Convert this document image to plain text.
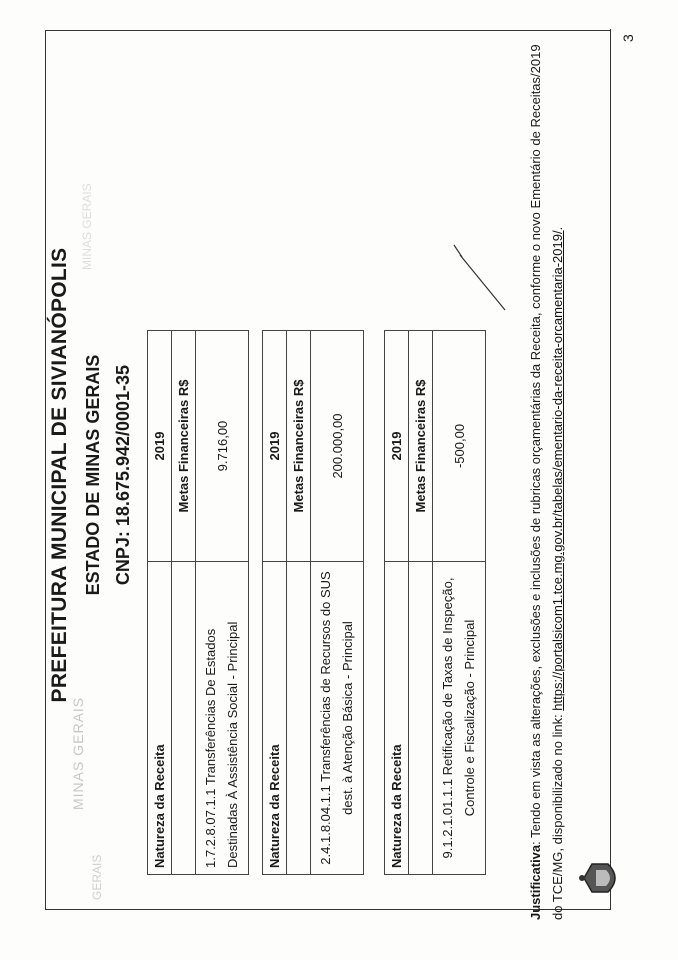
MINAS GERAIS
GERAIS
MINAS GERAIS
PREFEITURA MUNICIPAL DE SIVIANÓPOLIS ESTADO DE MINAS GERAIS CNPJ: 18.675.942/0001-35
Natureza da Receita	2019
	Metas Financeiras R$
1.7.2.8.07.1.1 Transferências De Estados Destinadas À Assistência Social - Principal	9.716,00
Natureza da Receita	2019
	Metas Financeiras R$
2.4.1.8.04.1.1 Transferências de Recursos do SUS dest. à Atenção Básica - Principal	200.000,00
Natureza da Receita	2019
	Metas Financeiras R$
9.1.2.1.01.1.1 Retificação de Taxas de Inspeção, Controle e Fiscalização - Principal	-500,00
Justificativa: Tendo em vista as alterações, exclusões e inclusões de rubricas orçamentárias da Receita, conforme o novo Ementário de Receitas/2019 do TCE/MG, disponibilizado no link: https://portalsicom1.tce.mg.gov.br/tabelas/ementario-da-receita-orcamentaria-2019/.
3
